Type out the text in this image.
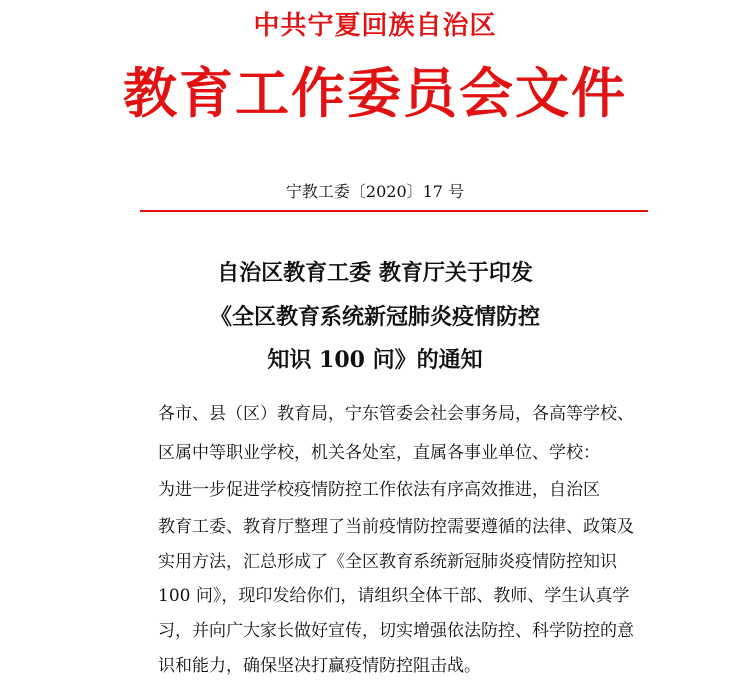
中共宁夏回族自治区
教育工作委员会文件
宁教工委〔2020〕17 号
自治区教育工委 教育厅关于印发
《全区教育系统新冠肺炎疫情防控
知识 100 问》的通知
各市、县（区）教育局，宁东管委会社会事务局，各高等学校、
区属中等职业学校，机关各处室，直属各事业单位、学校：
为进一步促进学校疫情防控工作依法有序高效推进，自治区
教育工委、教育厅整理了当前疫情防控需要遵循的法律、政策及
实用方法，汇总形成了《全区教育系统新冠肺炎疫情防控知识
100 问》，现印发给你们，请组织全体干部、教师、学生认真学
习，并向广大家长做好宣传，切实增强依法防控、科学防控的意
识和能力，确保坚决打赢疫情防控阻击战。
